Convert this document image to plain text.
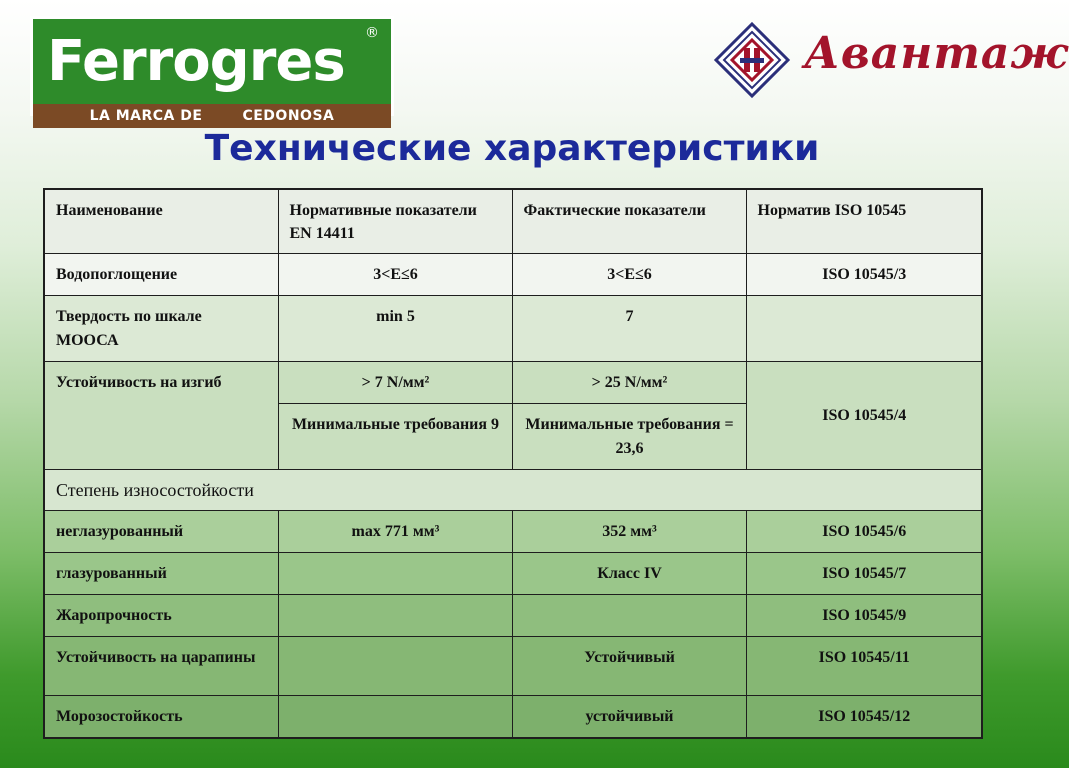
Ferrogres ®
LA MARCA DE	CEDONOSA
Авантаж
Технические характеристики
Наименование	Нормативные показатели EN 14411	Фактические показатели	Норматив ISO 10545
Водопоглощение	3<E≤6	3<E≤6	ISO 10545/3
Твердость по шкале МООСА	min 5	7	
Устойчивость на изгиб	> 7 N/мм²	> 25 N/мм²	ISO 10545/4
	Минимальные требования 9	Минимальные требования = 23,6	
Степень износостойкости			
неглазурованный	max 771 мм³	352 мм³	ISO 10545/6
глазурованный		Класс IV	ISO 10545/7
Жаропрочность			ISO 10545/9
Устойчивость на царапины		Устойчивый	ISO 10545/11
Морозостойкость		устойчивый	ISO 10545/12
